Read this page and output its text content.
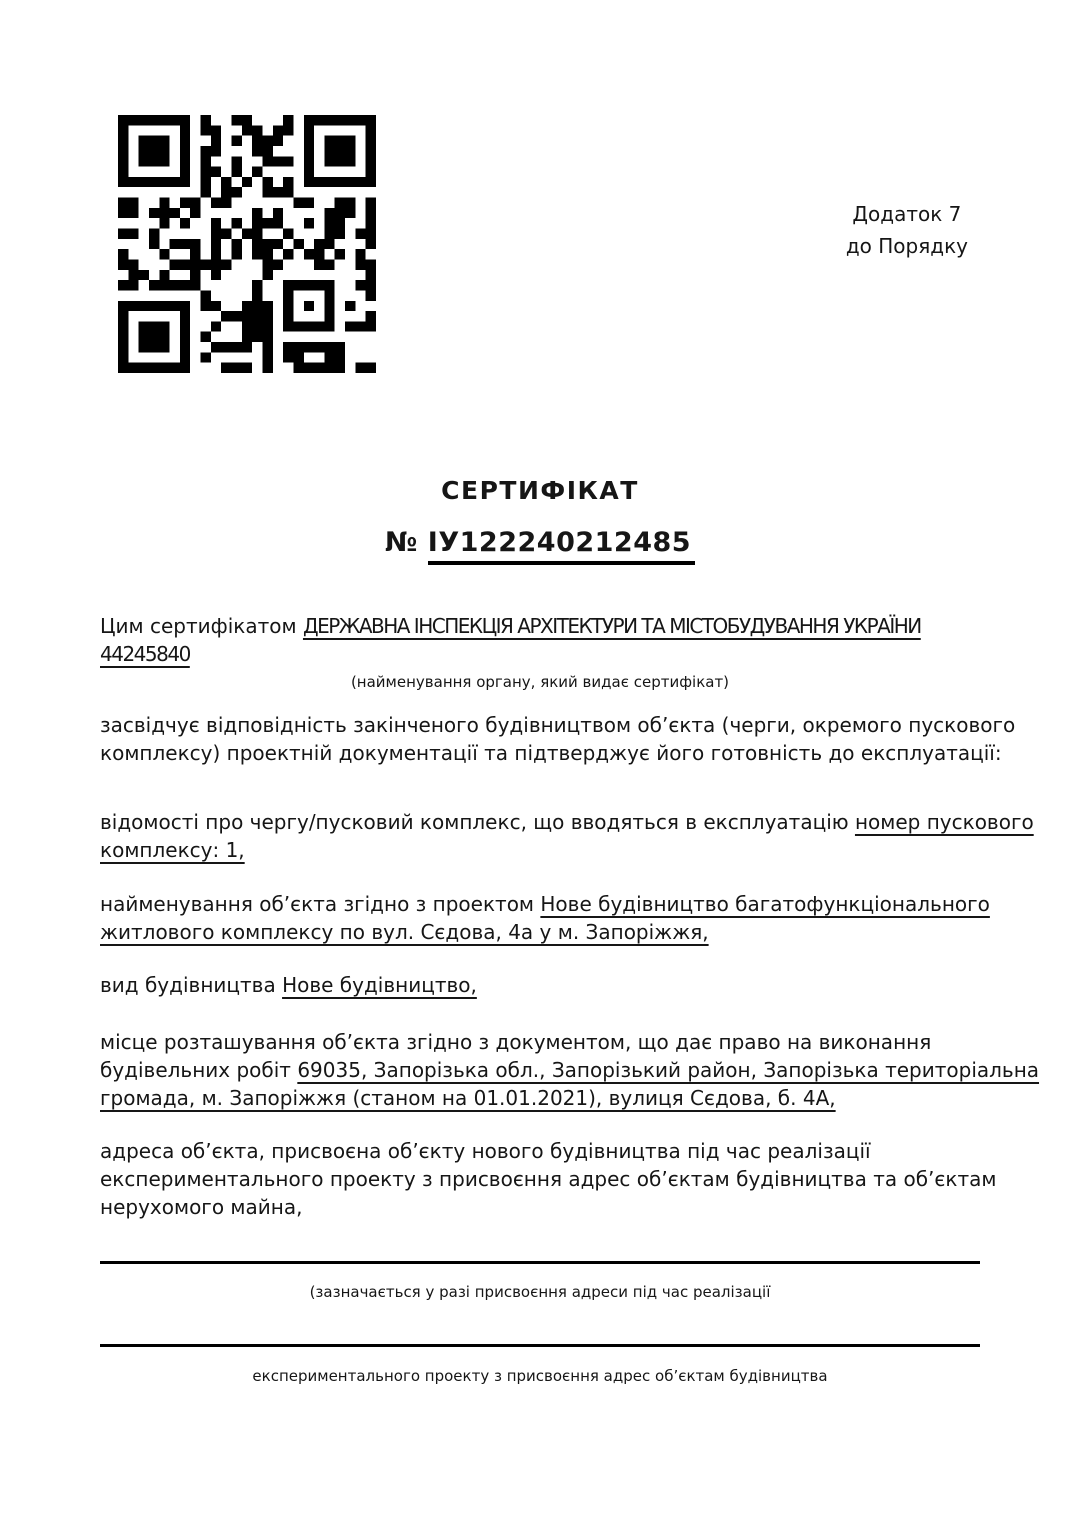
Додаток 7
до Порядку
СЕРТИФІКАТ
№ ІУ122240212485
Цим сертифікатом ДЕРЖАВНА ІНСПЕКЦІЯ АРХІТЕКТУРИ ТА МІСТОБУДУВАННЯ УКРАЇНИ
44245840
(найменування органу, який видає сертифікат)
засвідчує відповідність закінченого будівництвом об’єкта (черги, окремого пускового
комплексу) проектній документації та підтверджує його готовність до експлуатації:
відомості про чергу/пусковий комплекс, що вводяться в експлуатацію номер пускового
комплексу: 1,
найменування об’єкта згідно з проектом Нове будівництво багатофункціонального
житлового комплексу по вул. Сєдова, 4а у м. Запоріжжя,
вид будівництва Нове будівництво,
місце розташування об’єкта згідно з документом, що дає право на виконання
будівельних робіт 69035, Запорізька обл., Запорізький район, Запорізька територіальна
громада, м. Запоріжжя (станом на 01.01.2021), вулиця Сєдова, б. 4А,
адреса об’єкта, присвоєна об’єкту нового будівництва під час реалізації
експериментального проекту з присвоєння адрес об’єктам будівництва та об’єктам
нерухомого майна,
(зазначається у разі присвоєння адреси під час реалізації
експериментального проекту з присвоєння адрес об’єктам будівництва
